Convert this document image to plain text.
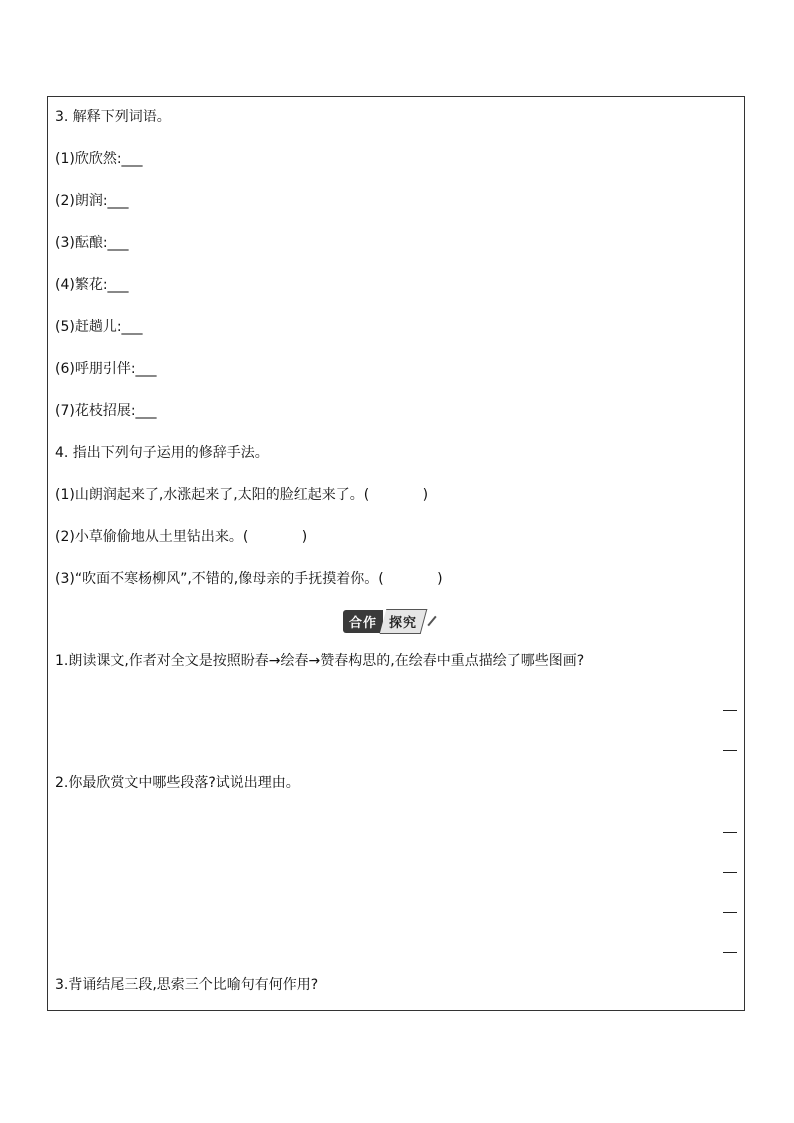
3. 解释下列词语。
(1)欣欣然:___
(2)朗润:___
(3)酝酿:___
(4)繁花:___
(5)赶趟儿:___
(6)呼朋引伴:___
(7)花枝招展:___
4. 指出下列句子运用的修辞手法。
(1)山朗润起来了,水涨起来了,太阳的脸红起来了。(            )
(2)小草偷偷地从土里钻出来。(            )
(3)“吹面不寒杨柳风”,不错的,像母亲的手抚摸着你。(            )
合作 探究
1.朗读课文,作者对全文是按照盼春→绘春→赞春构思的,在绘春中重点描绘了哪些图画?
2.你最欣赏文中哪些段落?试说出理由。
3.背诵结尾三段,思索三个比喻句有何作用?
